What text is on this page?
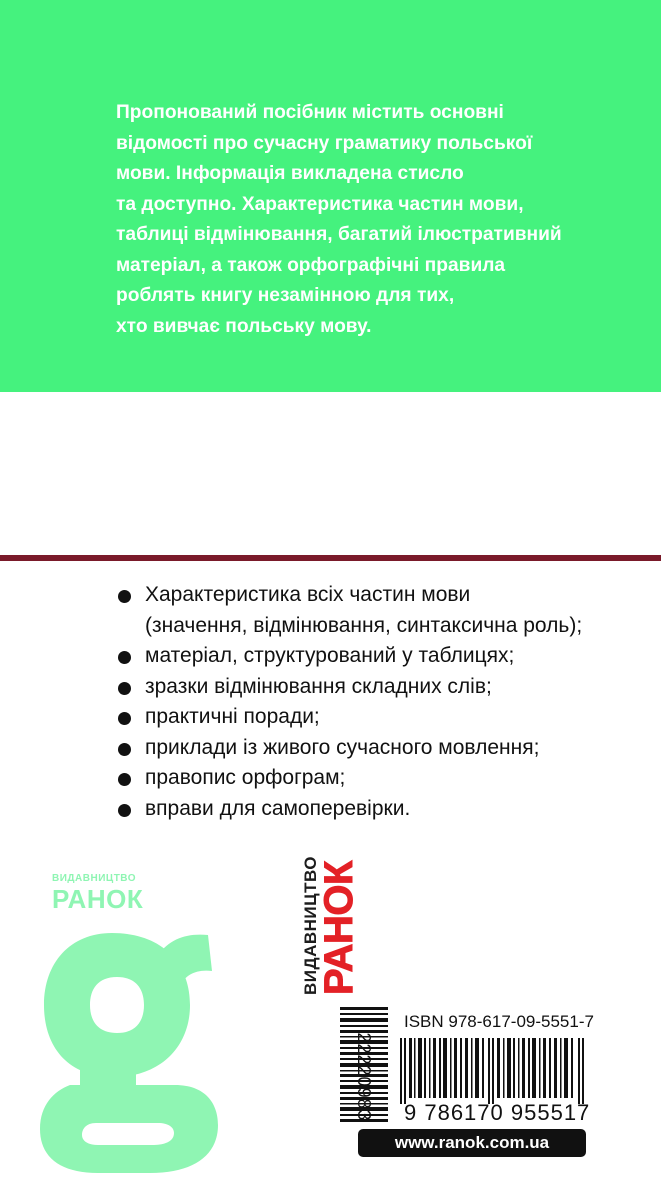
Пропонований посібник містить основні
відомості про сучасну граматику польської
мови. Інформація викладена стисло
та доступно. Характеристика частин мови,
таблиці відмінювання, багатий ілюстративний
матеріал, а також орфографічні правила
роблять книгу незамінною для тих,
хто вивчає польську мову.

Характеристика всіх частин мови
(значення, відмінювання, синтаксична роль);
матеріал, структурований у таблицях;
зразки відмінювання складних слів;
практичні поради;
приклади із живого сучасного мовлення;
правопис орфограм;
вправи для самоперевірки.
ВИДАВНИЦТВО
РАНОК	ВИДАВНИЦТВО
РАНОК
ISBN 978-617-09-5551-7
2222098З 9 786170 955517
www.ranok.com.ua
